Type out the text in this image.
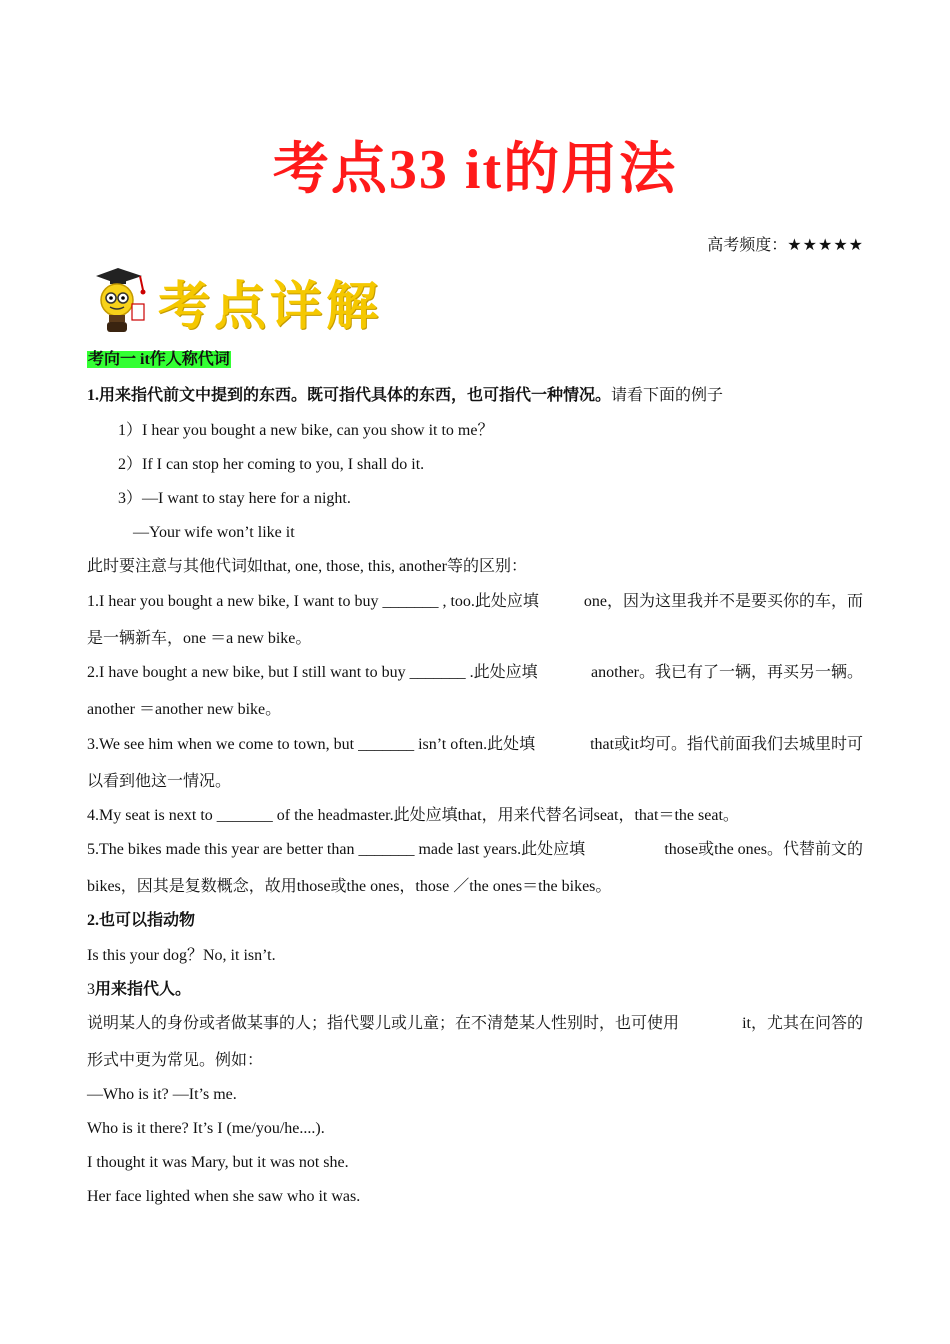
考点33 it的用法
高考频度：★★★★★
考点详解
考向一 it作人称代词
1.用来指代前文中提到的东西。既可指代具体的东西，也可指代一种情况。请看下面的例子
1）I hear you bought a new bike, can you show it to me？
2）If I can stop her coming to you, I shall do it.
3）—I want to stay here for a night.
—Your wife won’t like it
此时要注意与其他代词如that, one, those, this, another等的区别：
1.I hear you bought a new bike, I want to buy _______ , too.此处应填	one，因为这里我并不是要买你的车，而
是一辆新车，one ＝a new bike。
2.I have bought a new bike, but I still want to buy _______ .此处应填	another。我已有了一辆，再买另一辆。
another ＝another new bike。
3.We see him when we come to town, but _______ isn’t often.此处填	that或it均可。指代前面我们去城里时可
以看到他这一情况。
4.My seat is next to _______ of the headmaster.此处应填that，用来代替名词seat，that＝the seat。
5.The bikes made this year are better than _______ made last years.此处应填	those或the ones。代替前文的
bikes，因其是复数概念，故用those或the ones，those ／the ones＝the bikes。
2.也可以指动物
Is this your dog？No, it isn’t.
3用来指代人。
说明某人的身份或者做某事的人；指代婴儿或儿童；在不清楚某人性别时，也可使用	it，尤其在问答的
形式中更为常见。例如：
—Who is it? —It’s me.
Who is it there? It’s I (me/you/he....).
I thought it was Mary, but it was not she.
Her face lighted when she saw who it was.
